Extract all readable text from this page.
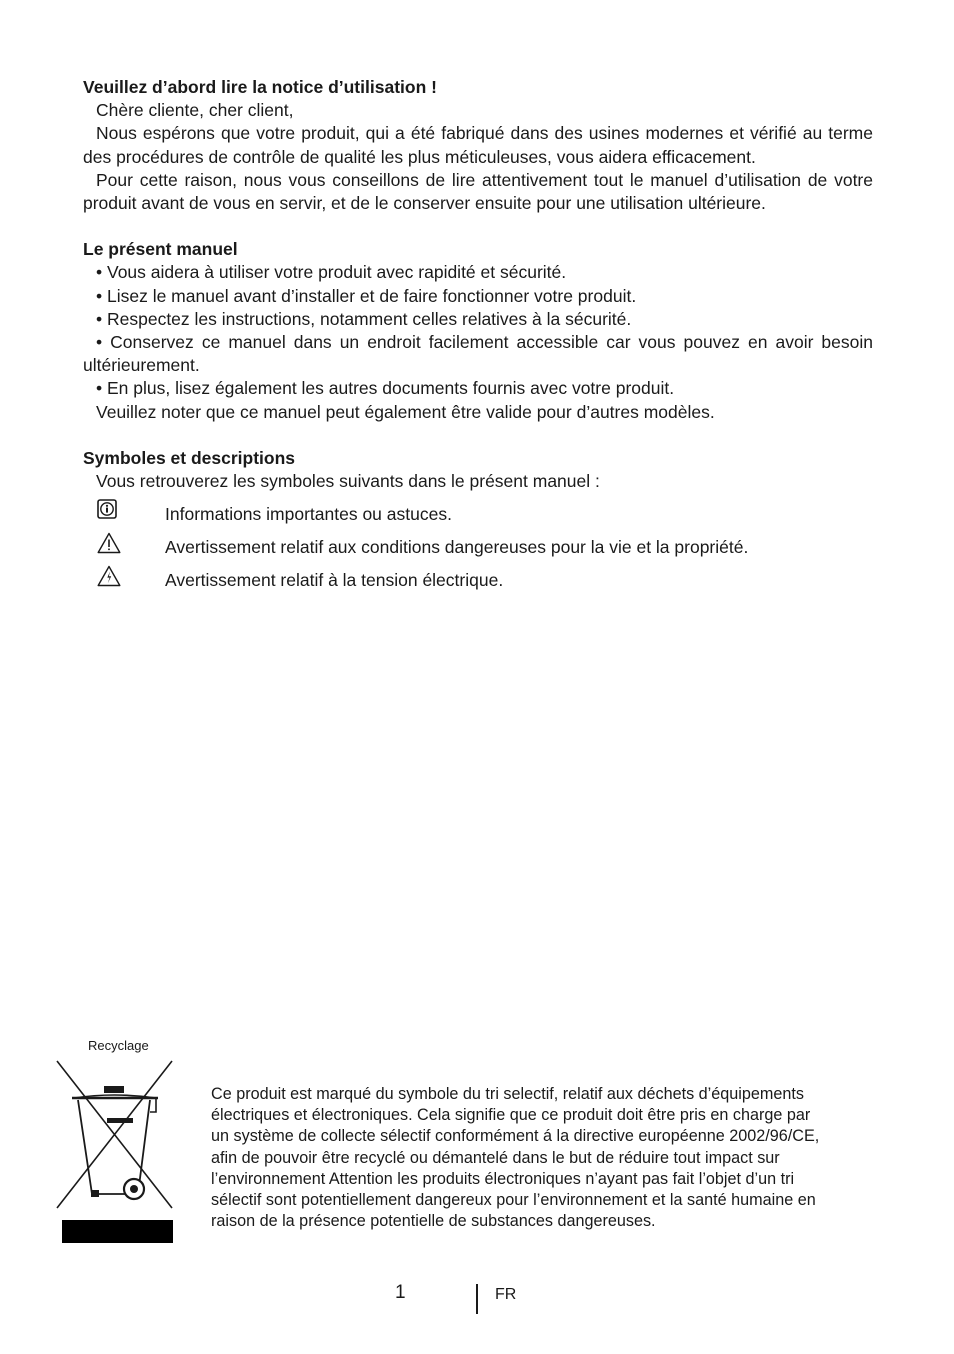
Veuillez d’abord lire la notice d’utilisation !

Chère cliente, cher client,

Nous espérons que votre produit, qui a été fabriqué dans des usines modernes et vérifié au terme des procédures de contrôle de qualité les plus méticuleuses, vous aidera efficacement.

Pour cette raison, nous vous conseillons de lire attentivement tout le manuel d’utilisation de votre produit avant de vous en servir, et de le conserver ensuite pour une utilisation ultérieure.

Le présent manuel

• Vous aidera à utiliser votre produit avec rapidité et sécurité.

• Lisez le manuel avant d’installer et de faire fonctionner votre produit.

• Respectez les instructions, notamment celles relatives à la sécurité.

• Conservez ce manuel dans un endroit facilement accessible car vous pouvez en avoir besoin ultérieurement.

• En plus, lisez également les autres documents fournis avec votre produit.

Veuillez noter que ce manuel peut également être valide pour d’autres modèles.

Symboles et descriptions

Vous retrouverez les symboles suivants dans le présent manuel :

Informations importantes ou astuces.
Avertissement relatif aux conditions dangereuses pour la vie et la propriété.
Avertissement relatif à la tension électrique.
Recyclage
Ce produit est marqué du symbole du tri selectif, relatif aux déchets d’équipements
électriques et électroniques. Cela signifie que ce produit doit être pris en charge par
un système de collecte sélectif conformément á la directive européenne 2002/96/CE,
afin de pouvoir être recyclé ou démantelé dans le but de réduire tout impact sur
l’environnement Attention les produits électroniques n’ayant pas fait l’objet d’un tri
sélectif sont potentiellement dangereux pour l’environnement et la santé humaine en
raison de la présence potentielle de substances dangereuses.
1	FR
